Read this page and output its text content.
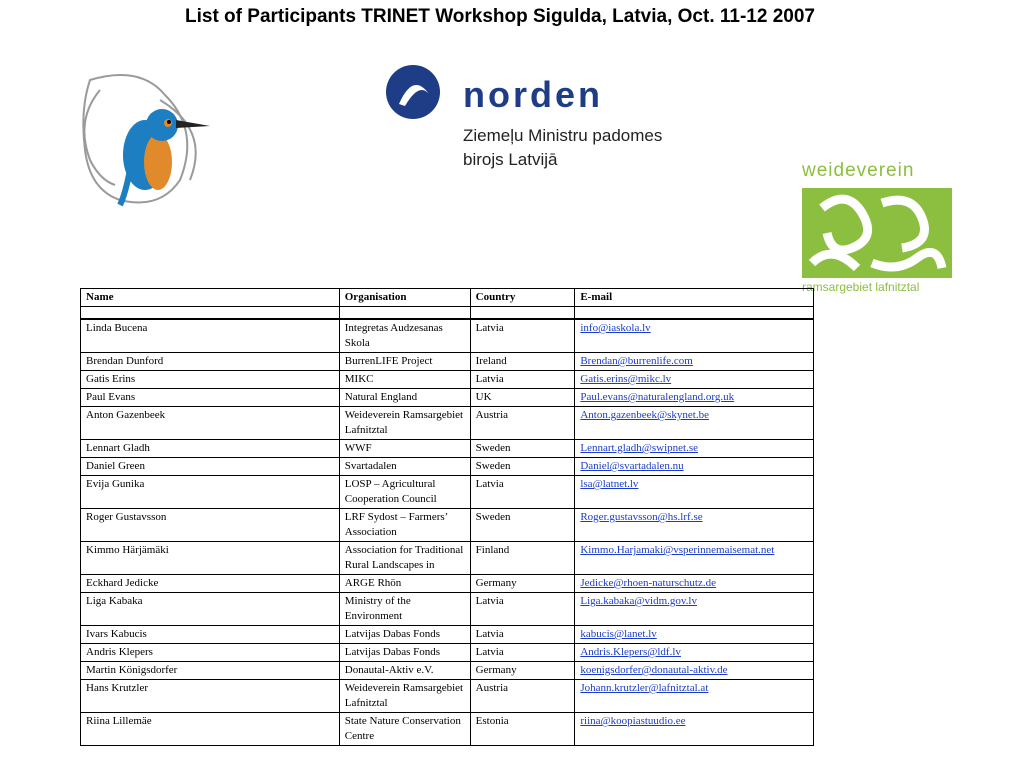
List of Participants TRINET Workshop Sigulda, Latvia, Oct. 11-12 2007
norden
Ziemeļu Ministru padomes
birojs Latvijā
weideverein
ramsargebiet lafnitztal
Name	Organisation	Country	E-mail

Linda Bucena	Integretas Audzesanas Skola	Latvia	info@iaskola.lv
Brendan Dunford	BurrenLIFE Project	Ireland	Brendan@burrenlife.com
Gatis Erins	MIKC	Latvia	Gatis.erins@mikc.lv
Paul Evans	Natural England	UK	Paul.evans@naturalengland.org.uk
Anton Gazenbeek	Weideverein Ramsargebiet Lafnitztal	Austria	Anton.gazenbeek@skynet.be
Lennart Gladh	WWF	Sweden	Lennart.gladh@swipnet.se
Daniel Green	Svartadalen	Sweden	Daniel@svartadalen.nu
Evija Gunika	LOSP – Agricultural Cooperation Council	Latvia	lsa@latnet.lv
Roger Gustavsson	LRF Sydost – Farmers’ Association	Sweden	Roger.gustavsson@hs.lrf.se
Kimmo Härjämäki	Association for Traditional Rural Landscapes in	Finland	Kimmo.Harjamaki@vsperinnemaisemat.net
Eckhard Jedicke	ARGE Rhön	Germany	Jedicke@rhoen-naturschutz.de
Liga Kabaka	Ministry of the Environment	Latvia	Liga.kabaka@vidm.gov.lv
Ivars Kabucis	Latvijas Dabas Fonds	Latvia	kabucis@lanet.lv
Andris Klepers	Latvijas Dabas Fonds	Latvia	Andris.Klepers@ldf.lv
Martin Königsdorfer	Donautal-Aktiv e.V.	Germany	koenigsdorfer@donautal-aktiv.de
Hans Krutzler	Weideverein Ramsargebiet Lafnitztal	Austria	Johann.krutzler@lafnitztal.at
Riina Lillemäe	State Nature Conservation Centre	Estonia	riina@koopiastuudio.ee
